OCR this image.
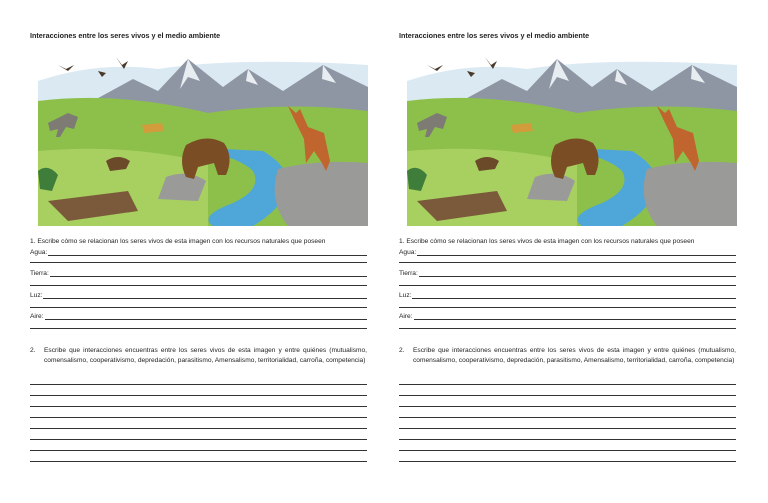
Interacciones entre los seres vivos y el medio ambiente
1. Escribe cómo se relacionan los seres vivos de esta imagen con los recursos naturales que poseen
Agua:
Tierra:
Luz:
Aire:
2. Escribe que interacciones encuentras entre los seres vivos de esta imagen y entre quiénes (mutualismo, comensalismo, cooperativismo, depredación, parasitismo, Amensalismo, territorialidad, carroña, competencia)
Interacciones entre los seres vivos y el medio ambiente
1. Escribe cómo se relacionan los seres vivos de esta imagen con los recursos naturales que poseen
Agua:
Tierra:
Luz:
Aire:
2. Escribe que interacciones encuentras entre los seres vivos de esta imagen y entre quiénes (mutualismo, comensalismo, cooperativismo, depredación, parasitismo, Amensalismo, territorialidad, carroña, competencia)
